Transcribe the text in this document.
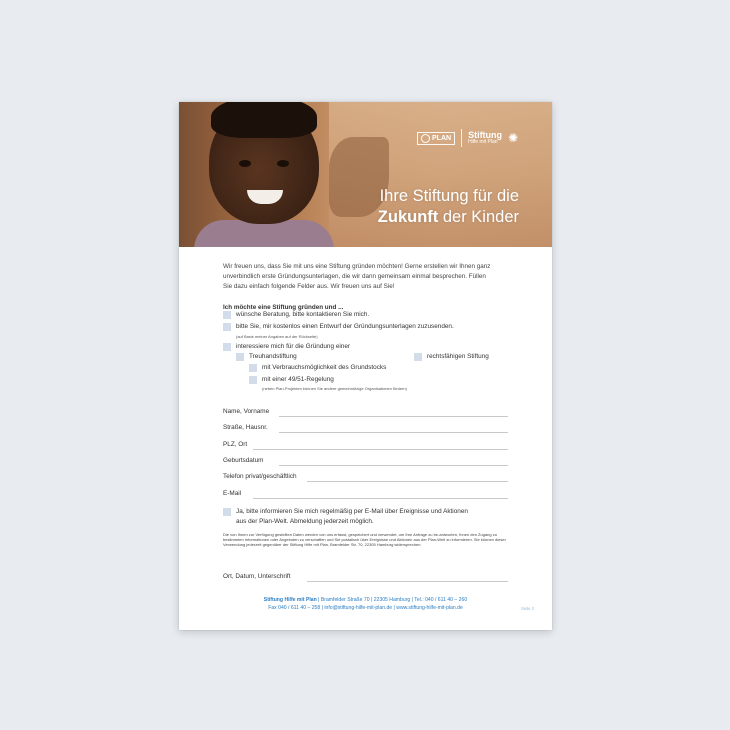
PLAN Stiftung
Hilfe mit Plan ✺
Ihre Stiftung für die
Zukunft der Kinder

Wir freuen uns, dass Sie mit uns eine Stiftung gründen möchten! Gerne erstellen wir Ihnen ganz unverbindlich erste Gründungsunterlagen, die wir dann gemeinsam einmal besprechen. Füllen Sie dazu einfach folgende Felder aus. Wir freuen uns auf Sie!

Ich möchte eine Stiftung gründen und ...

wünsche Beratung, bitte kontaktieren Sie mich.
bitte Sie, mir kostenlos einen Entwurf der Gründungsunterlagen zuzusenden.
(auf Basis meiner Angaben auf der Rückseite)
interessiere mich für die Gründung einer
Treuhandstiftung	rechtsfähigen Stiftung
mit Verbrauchsmöglichkeit des Grundstocks
mit einer 49/51-Regelung
(neben Plan-Projekten können Sie andere gemeinnützige Organisationen fördern)
Name, Vorname
Straße, Hausnr.
PLZ, Ort
Geburtsdatum
Telefon privat/geschäftlich
E-Mail
Ja, bitte informieren Sie mich regelmäßig per E-Mail über Ereignisse und Aktionen
aus der Plan-Welt. Abmeldung jederzeit möglich.

Die von Ihnen zur Verfügung gestellten Daten werden von uns erfasst, gespeichert und verwendet, um Ihre Anfrage zu be-antworten, Ihnen den Zugang zu bestimmten Informationen oder Angeboten zu verschaffen und Sie postalisch über Ereignisse und Aktionen aus der Plan-Welt zu informieren. Sie können dieser Verwendung jederzeit gegenüber der Stiftung Hilfe mit Plan, Bramfelder Str. 70, 22305 Hamburg widersprechen.

Ort, Datum, Unterschrift
Stiftung Hilfe mit Plan | Bramfelder Straße 70 | 22305 Hamburg | Tel.: 040 / 611 40 – 260
Fax 040 / 611 40 – 258 | info@stiftung-hilfe-mit-plan.de | www.stiftung-hilfe-mit-plan.de	Seite 2
